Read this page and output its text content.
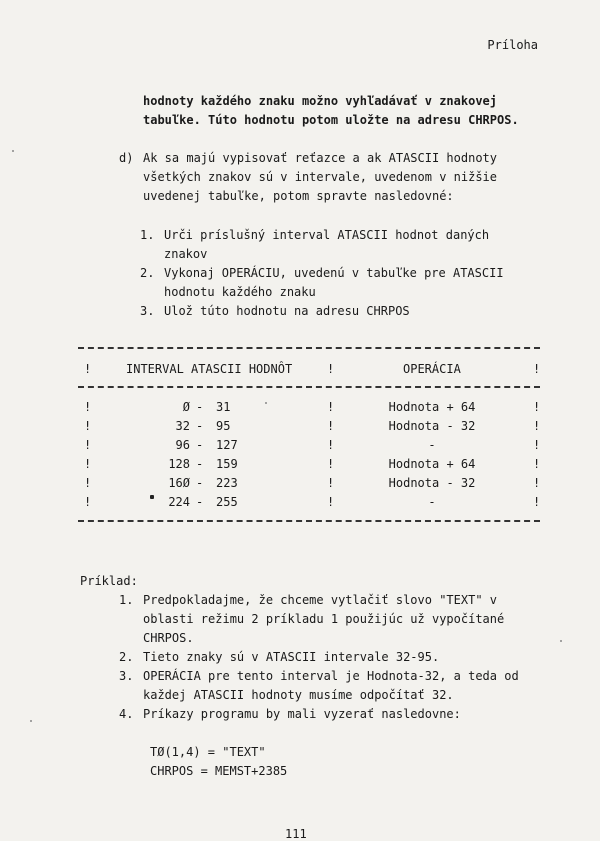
Príloha
hodnoty každého znaku možno vyhľadávať v znakovej
tabuľke. Túto hodnotu potom uložte na adresu CHRPOS.
d) Ak sa majú vypisovať reťazce a ak ATASCII hodnoty
všetkých znakov sú v intervale, uvedenom v nižšie
uvedenej tabuľke, potom spravte nasledovné:
1. Urči príslušný interval ATASCII hodnot daných
znakov
2. Vykonaj OPERÁCIU, uvedenú v tabuľke pre ATASCII
hodnotu každého znaku
3. Ulož túto hodnotu na adresu CHRPOS
!	INTERVAL ATASCII HODNÔT	!	OPERÁCIA	!
!	Ø - 31	!	Hodnota + 64	!
!	32 - 95	!	Hodnota - 32	!
!	96 - 127	!	-	!
!	128 - 159	!	Hodnota + 64	!
!	16Ø - 223	!	Hodnota - 32	!
!	224 - 255	!	-	!
Príklad:
1. Predpokladajme, že chceme vytlačiť slovo "TEXT" v
oblasti režimu 2 príkladu 1 použijúc už vypočítané
CHRPOS.
2. Tieto znaky sú v ATASCII intervale 32-95.
3. OPERÁCIA pre tento interval je Hodnota-32, a teda od
každej ATASCII hodnoty musíme odpočítať 32.
4. Príkazy programu by mali vyzerať nasledovne:
TØ(1,4) = "TEXT"
CHRPOS = MEMST+2385
111
